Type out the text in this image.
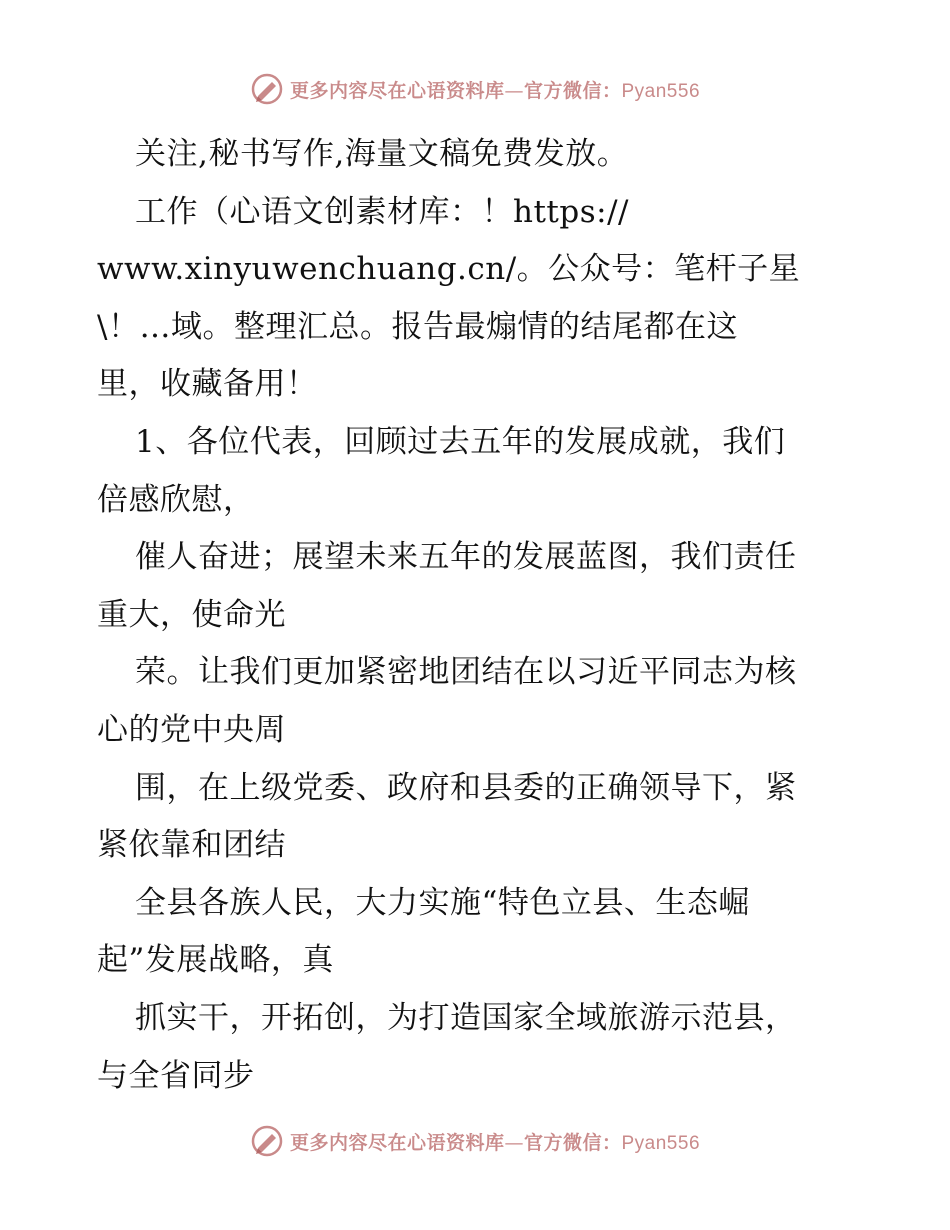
更多内容尽在心语资料库—官方微信：Pyan556
关注,秘书写作,海量文稿免费发放。
工作（心语文创素材库：！https://
www.xinyuwenchuang.cn/。公众号：笔杆子星
\！…域。整理汇总。报告最煽情的结尾都在这
里，收藏备用！
1、各位代表，回顾过去五年的发展成就，我们
倍感欣慰，
催人奋进；展望未来五年的发展蓝图，我们责任
重大，使命光
荣。让我们更加紧密地团结在以习近平同志为核
心的党中央周
围，在上级党委、政府和县委的正确领导下，紧
紧依靠和团结
全县各族人民，大力实施“特色立县、生态崛
起”发展战略，真
抓实干，开拓创，为打造国家全域旅游示范县，
与全省同步
更多内容尽在心语资料库—官方微信：Pyan556
